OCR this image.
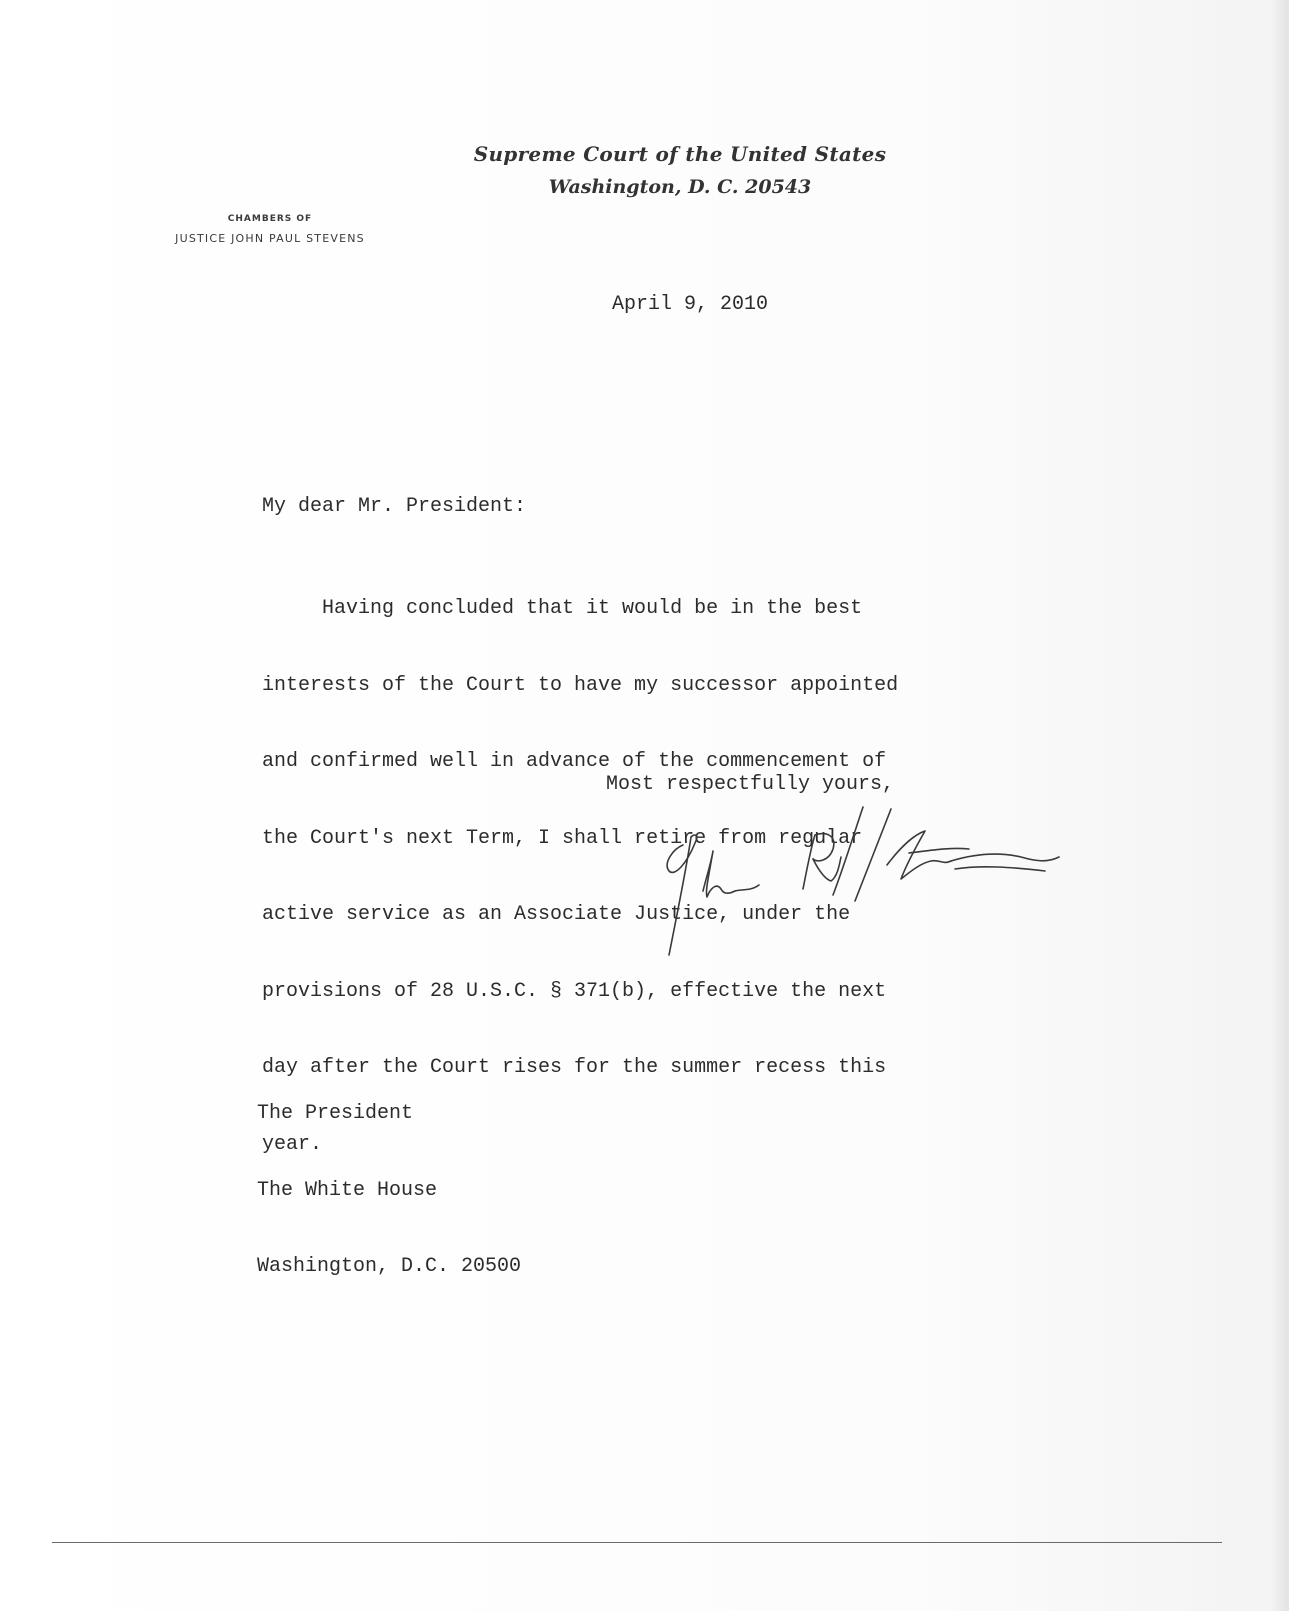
Supreme Court of the United States
Washington, D. C. 20543
CHAMBERS OF
JUSTICE JOHN PAUL STEVENS
April 9, 2010
My dear Mr. President:

Having concluded that it would be in the best

interests of the Court to have my successor appointed

and confirmed well in advance of the commencement of

the Court's next Term, I shall retire from regular

active service as an Associate Justice, under the

provisions of 28 U.S.C. § 371(b), effective the next

day after the Court rises for the summer recess this

year.

Most respectfully yours,

The President

The White House

Washington, D.C. 20500
